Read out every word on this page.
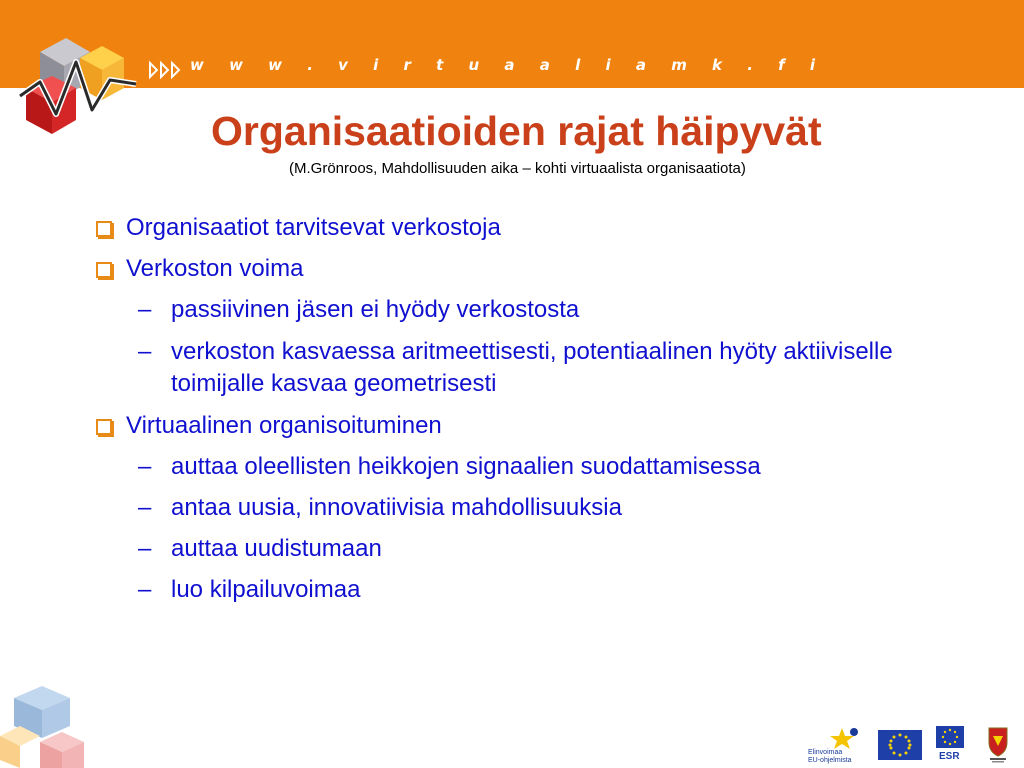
w w w . v i r t u a a l i a m k . f i
Organisaatioiden rajat häipyvät
(M.Grönroos, Mahdollisuuden aika – kohti virtuaalista organisaatiota)
Organisaatiot tarvitsevat verkostoja
Verkoston voima
– passiivinen jäsen ei hyödy verkostosta
– verkoston kasvaessa aritmeettisesti, potentiaalinen hyöty aktiiviselle toimijalle kasvaa geometrisesti
Virtuaalinen organisoituminen
– auttaa oleellisten heikkojen signaalien suodattamisessa
– antaa uusia, innovatiivisia mahdollisuuksia
– auttaa uudistumaan
– luo kilpailuvoimaa
Elinvoimaa
EU-ohjelmista	ESR
